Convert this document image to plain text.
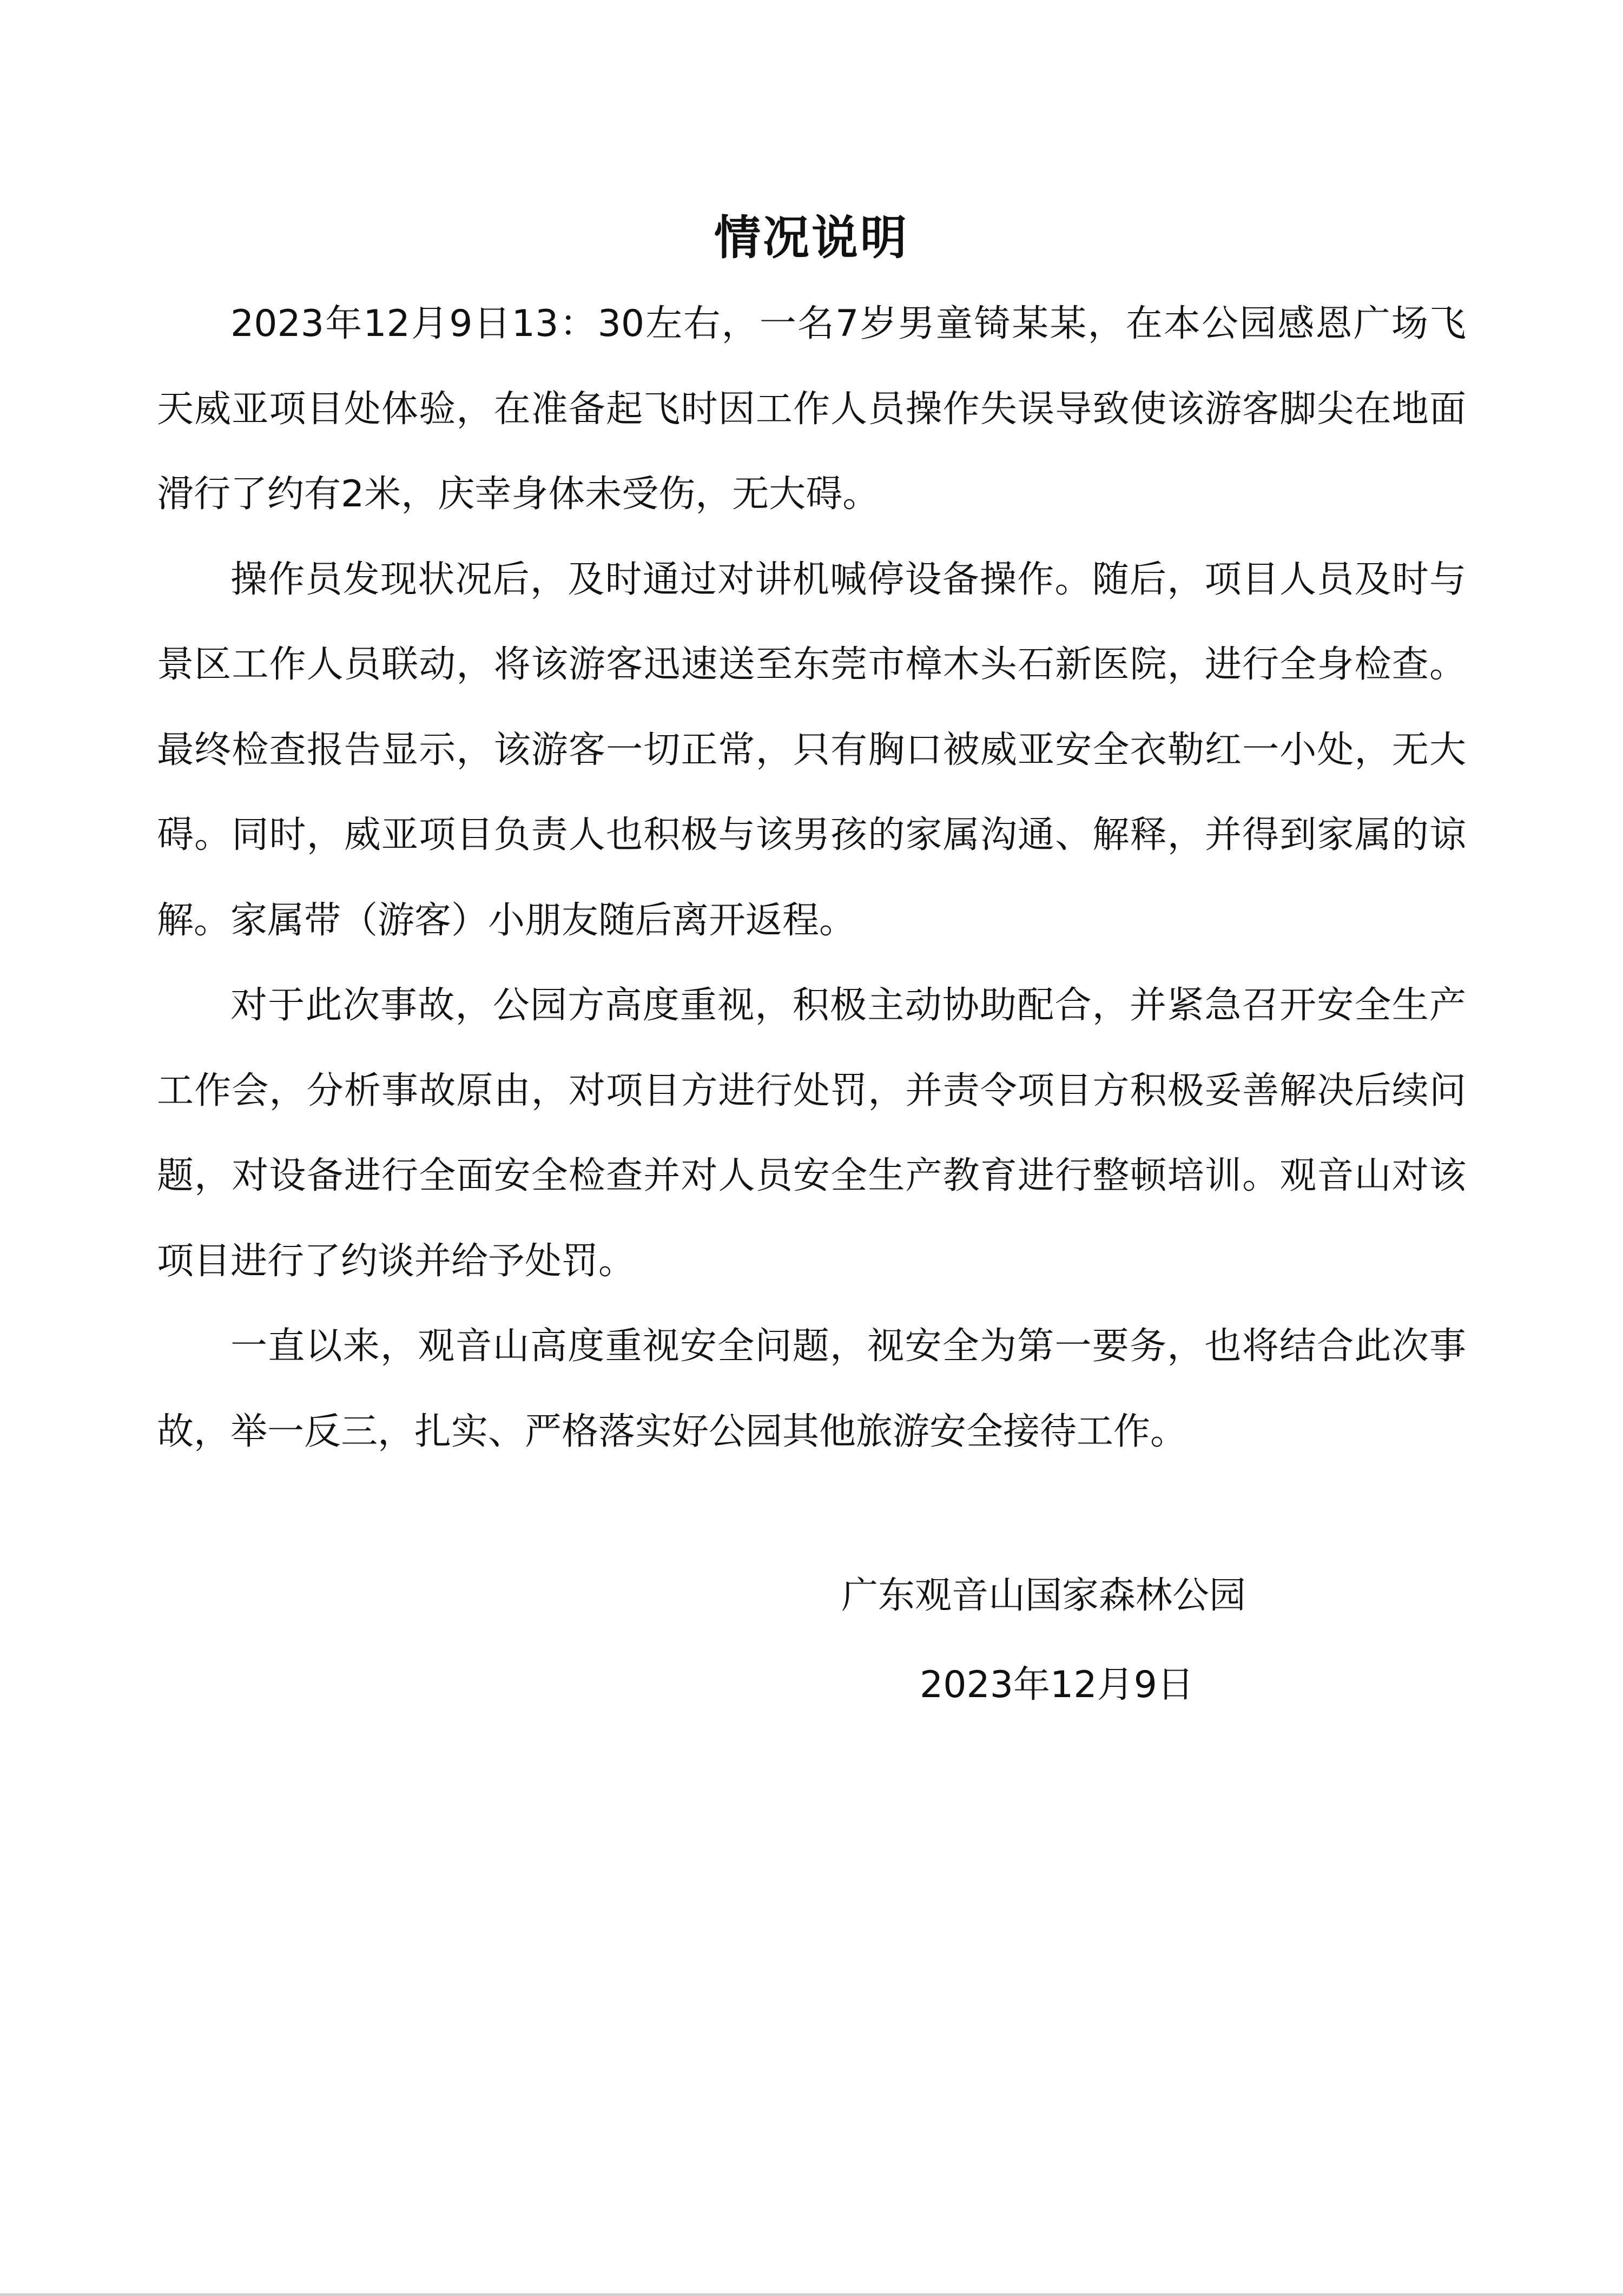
情况说明

2023年12月9日13：30左右，一名7岁男童锜某某，在本公园感恩广场飞天威亚项目处体验，在准备起飞时因工作人员操作失误导致使该游客脚尖在地面滑行了约有2米，庆幸身体未受伤，无大碍。

操作员发现状况后，及时通过对讲机喊停设备操作。随后，项目人员及时与景区工作人员联动，将该游客迅速送至东莞市樟木头石新医院，进行全身检查。最终检查报告显示，该游客一切正常，只有胸口被威亚安全衣勒红一小处，无大碍。同时，威亚项目负责人也积极与该男孩的家属沟通、解释，并得到家属的谅解。家属带（游客）小朋友随后离开返程。

对于此次事故，公园方高度重视，积极主动协助配合，并紧急召开安全生产工作会，分析事故原由，对项目方进行处罚，并责令项目方积极妥善解决后续问题，对设备进行全面安全检查并对人员安全生产教育进行整顿培训。观音山对该项目进行了约谈并给予处罚。

一直以来，观音山高度重视安全问题，视安全为第一要务，也将结合此次事故，举一反三，扎实、严格落实好公园其他旅游安全接待工作。

广东观音山国家森林公园
2023年12月9日
